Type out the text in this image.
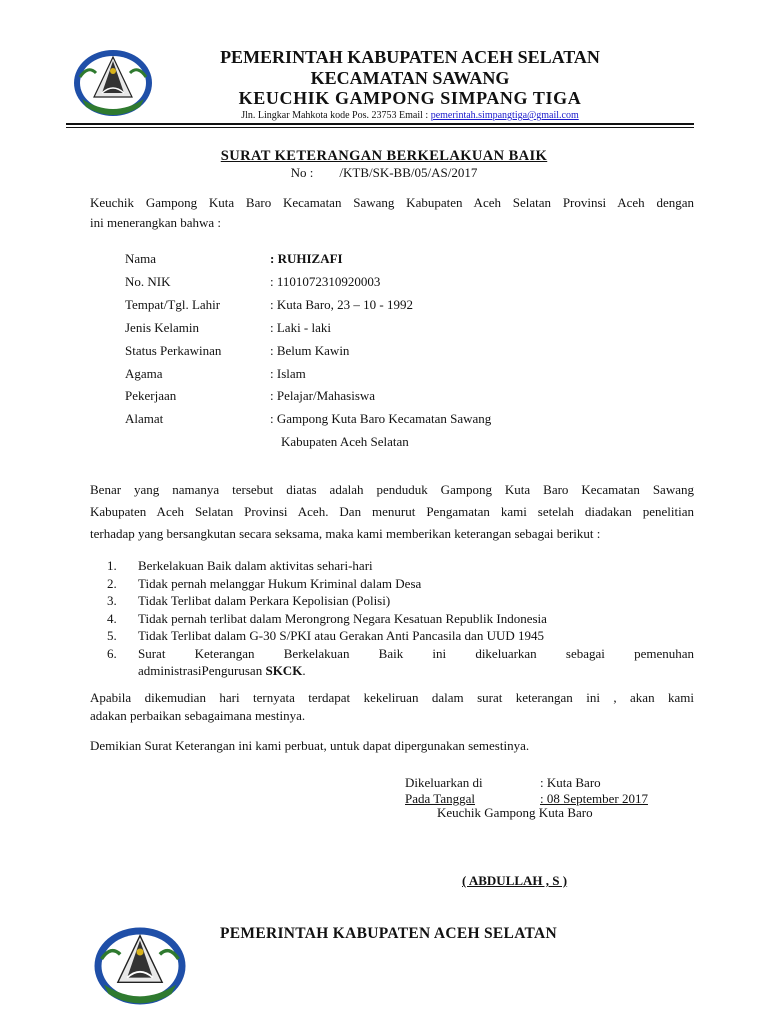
PEMERINTAH KABUPATEN ACEH SELATAN
KECAMATAN SAWANG
KEUCHIK GAMPONG SIMPANG TIGA
Jln. Lingkar Mahkota kode Pos. 23753 Email : pemerintah.simpangtiga@gmail.com
SURAT KETERANGAN BERKELAKUAN BAIK
No : /KTB/SK-BB/05/AS/2017
Keuchik Gampong Kuta Baro Kecamatan Sawang Kabupaten Aceh Selatan Provinsi Aceh dengan
ini menerangkan bahwa :
Nama	: RUHIZAFI
No. NIK	: 1101072310920003
Tempat/Tgl. Lahir	: Kuta Baro, 23 – 10 - 1992
Jenis Kelamin	: Laki - laki
Status Perkawinan	: Belum Kawin
Agama	: Islam
Pekerjaan	: Pelajar/Mahasiswa
Alamat	: Gampong Kuta Baro Kecamatan Sawang
Kabupaten Aceh Selatan
Benar yang namanya tersebut diatas adalah penduduk Gampong Kuta Baro Kecamatan Sawang
Kabupaten Aceh Selatan Provinsi Aceh. Dan menurut Pengamatan kami setelah diadakan penelitian
terhadap yang bersangkutan secara seksama, maka kami memberikan keterangan sebagai berikut :
1. Berkelakuan Baik dalam aktivitas sehari-hari
2. Tidak pernah melanggar Hukum Kriminal dalam Desa
3. Tidak Terlibat dalam Perkara Kepolisian (Polisi)
4. Tidak pernah terlibat dalam Merongrong Negara Kesatuan Republik Indonesia
5. Tidak Terlibat dalam G-30 S/PKI atau Gerakan Anti Pancasila dan UUD 1945
6. Surat Keterangan Berkelakuan Baik ini dikeluarkan sebagai pemenuhan
administrasiPengurusan SKCK.
Apabila dikemudian hari ternyata terdapat kekeliruan dalam surat keterangan ini , akan kami
adakan perbaikan sebagaimana mestinya.
Demikian Surat Keterangan ini kami perbuat, untuk dapat dipergunakan semestinya.
Dikeluarkan di	: Kuta Baro
Pada Tanggal	: 08 September 2017
Keuchik Gampong Kuta Baro
( ABDULLAH , S )
PEMERINTAH KABUPATEN ACEH SELATAN
